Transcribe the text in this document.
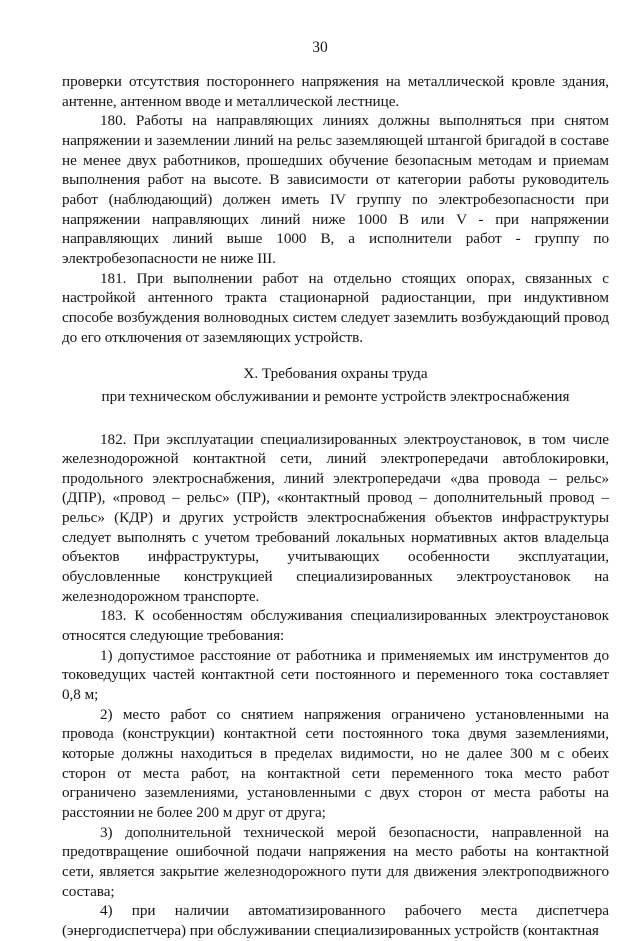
30

проверки отсутствия постороннего напряжения на металлической кровле здания, антенне, антенном вводе и металлической лестнице.

180. Работы на направляющих линиях должны выполняться при снятом напряжении и заземлении линий на рельс заземляющей штангой бригадой в составе не менее двух работников, прошедших обучение безопасным методам и приемам выполнения работ на высоте. В зависимости от категории работы руководитель работ (наблюдающий) должен иметь IV группу по электробезопасности при напряжении направляющих линий ниже 1000 В или V - при напряжении направляющих линий выше 1000 В, а исполнители работ - группу по электробезопасности не ниже III.

181. При выполнении работ на отдельно стоящих опорах, связанных с настройкой антенного тракта стационарной радиостанции, при индуктивном способе возбуждения волноводных систем следует заземлить возбуждающий провод до его отключения от заземляющих устройств.

X. Требования охраны труда

при техническом обслуживании и ремонте устройств электроснабжения

182. При эксплуатации специализированных электроустановок, в том числе железнодорожной контактной сети, линий электропередачи автоблокировки, продольного электроснабжения, линий электропередачи «два провода – рельс» (ДПР), «провод – рельс» (ПР), «контактный провод – дополнительный провод – рельс» (КДР) и других устройств электроснабжения объектов инфраструктуры следует выполнять с учетом требований локальных нормативных актов владельца объектов инфраструктуры, учитывающих особенности эксплуатации, обусловленные конструкцией специализированных электроустановок на железнодорожном транспорте.

183. К особенностям обслуживания специализированных электроустановок относятся следующие требования:

1) допустимое расстояние от работника и применяемых им инструментов до токоведущих частей контактной сети постоянного и переменного тока составляет 0,8 м;

2) место работ со снятием напряжения ограничено установленными на провода (конструкции) контактной сети постоянного тока двумя заземлениями, которые должны находиться в пределах видимости, но не далее 300 м с обеих сторон от места работ, на контактной сети переменного тока место работ ограничено заземлениями, установленными с двух сторон от места работы на расстоянии не более 200 м друг от друга;

3) дополнительной технической мерой безопасности, направленной на предотвращение ошибочной подачи напряжения на место работы на контактной сети, является закрытие железнодорожного пути для движения электроподвижного состава;

4) при наличии автоматизированного рабочего места диспетчера (энергодиспетчера) при обслуживании специализированных устройств (контактная
